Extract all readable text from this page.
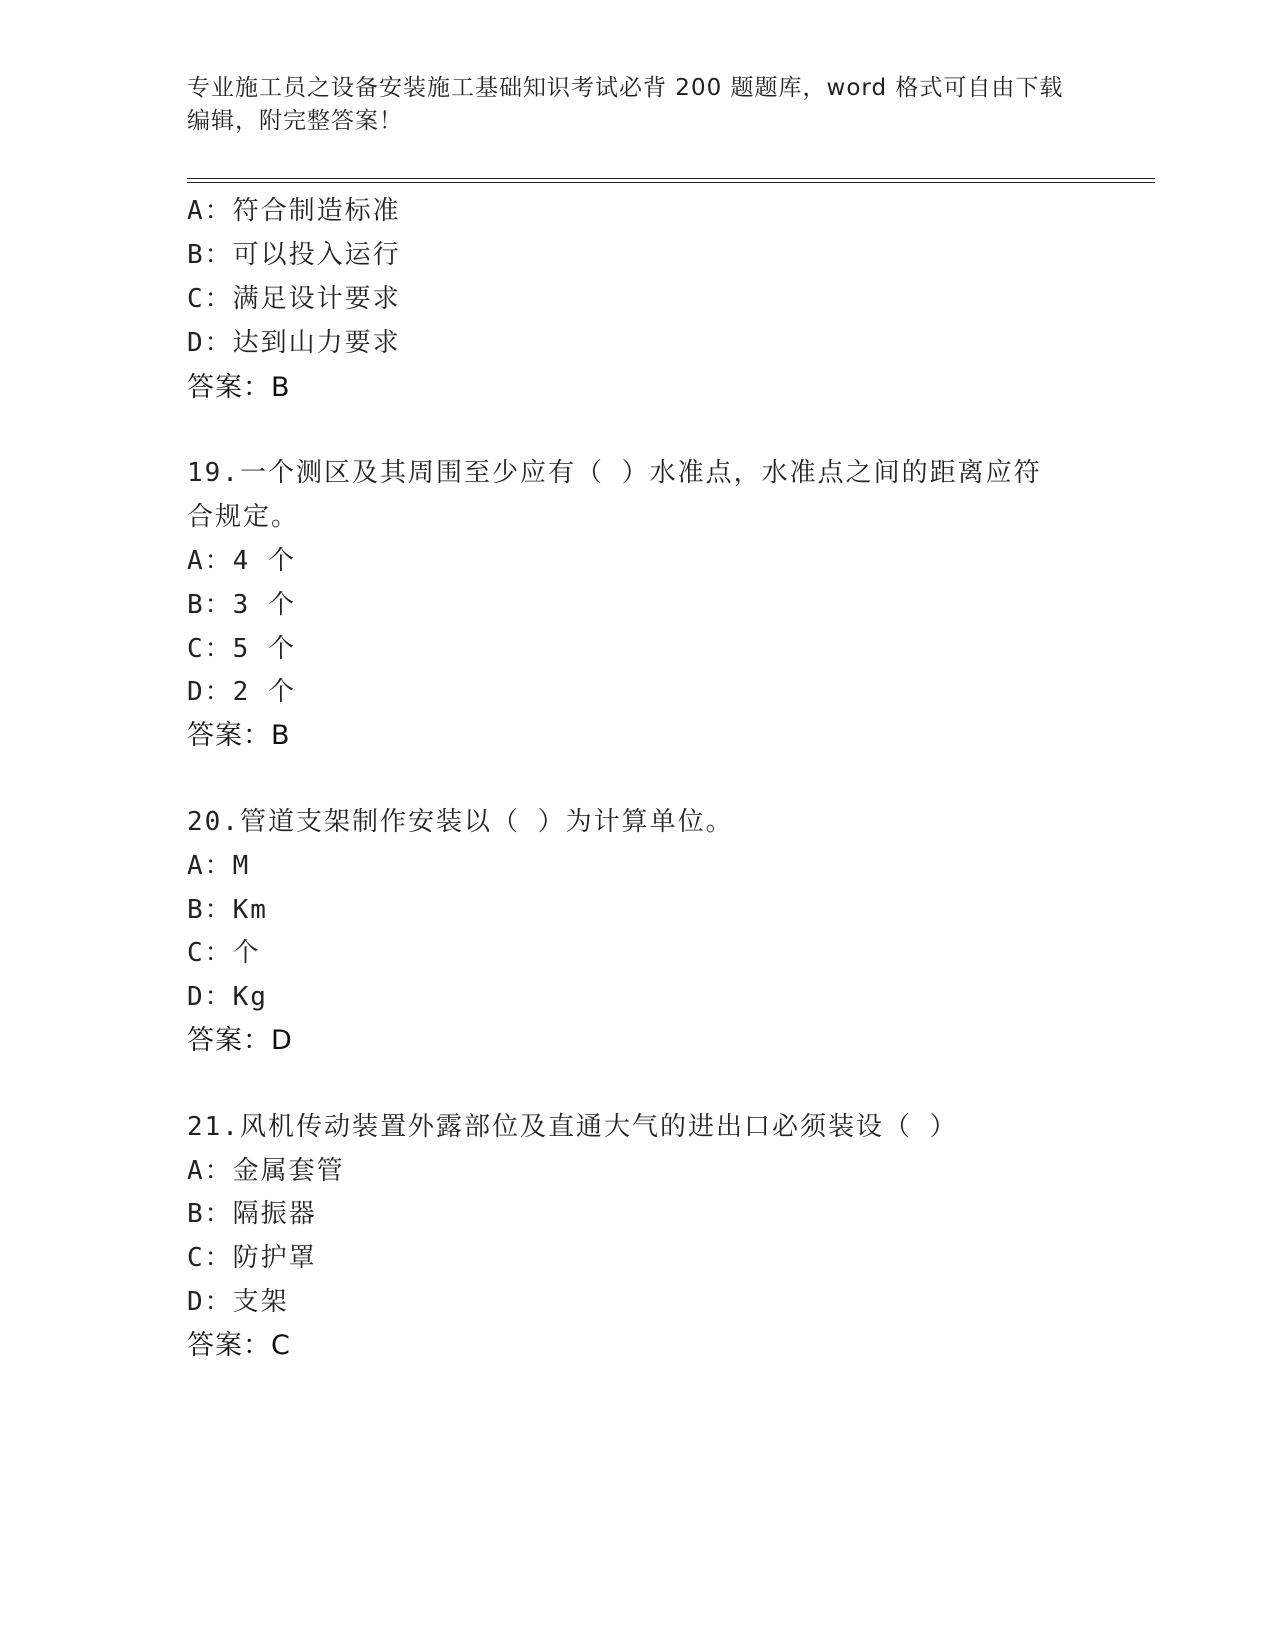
专业施工员之设备安装施工基础知识考试必背 200 题题库，word 格式可自由下载
编辑，附完整答案！
A：符合制造标准
B：可以投入运行
C：满足设计要求
D：达到山力要求
答案：B
19.一个测区及其周围至少应有（ ）水准点，水准点之间的距离应符
合规定。
A：4 个
B：3 个
C：5 个
D：2 个
答案：B
20.管道支架制作安装以（ ）为计算单位。
A：M
B：Km
C：个
D：Kg
答案：D
21.风机传动装置外露部位及直通大气的进出口必须装设（ ）
A：金属套管
B：隔振器
C：防护罩
D：支架
答案：C
